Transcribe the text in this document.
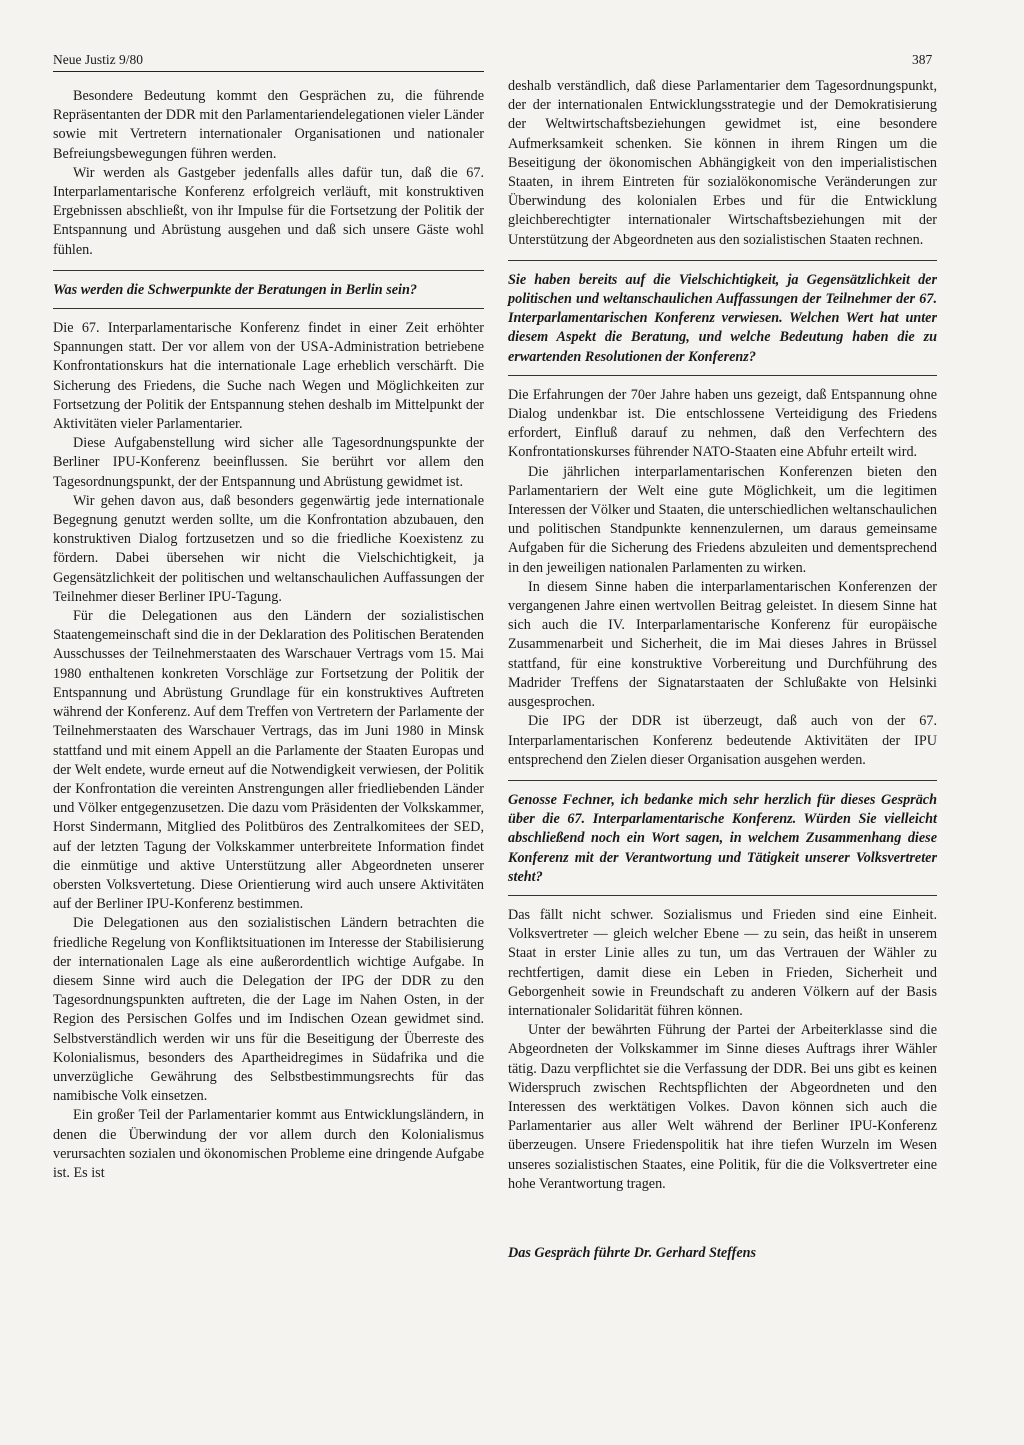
Neue Justiz 9/80	387

Besondere Bedeutung kommt den Gesprächen zu, die führende Repräsentanten der DDR mit den Parlamentariendelegationen vieler Länder sowie mit Vertretern internationaler Organisationen und nationaler Befreiungsbewegungen führen werden.

Wir werden als Gastgeber jedenfalls alles dafür tun, daß die 67. Interparlamentarische Konferenz erfolgreich verläuft, mit konstruktiven Ergebnissen abschließt, von ihr Impulse für die Fortsetzung der Politik der Entspannung und Abrüstung ausgehen und daß sich unsere Gäste wohl fühlen.

Was werden die Schwerpunkte der Beratungen in Berlin sein?

Die 67. Interparlamentarische Konferenz findet in einer Zeit erhöhter Spannungen statt. Der vor allem von der USA-Administration betriebene Konfrontationskurs hat die internationale Lage erheblich verschärft. Die Sicherung des Friedens, die Suche nach Wegen und Möglichkeiten zur Fortsetzung der Politik der Entspannung stehen deshalb im Mittelpunkt der Aktivitäten vieler Parlamentarier.

Diese Aufgabenstellung wird sicher alle Tagesordnungspunkte der Berliner IPU-Konferenz beeinflussen. Sie berührt vor allem den Tagesordnungspunkt, der der Entspannung und Abrüstung gewidmet ist.

Wir gehen davon aus, daß besonders gegenwärtig jede internationale Begegnung genutzt werden sollte, um die Konfrontation abzubauen, den konstruktiven Dialog fortzusetzen und so die friedliche Koexistenz zu fördern. Dabei übersehen wir nicht die Vielschichtigkeit, ja Gegensätzlichkeit der politischen und weltanschaulichen Auffassungen der Teilnehmer dieser Berliner IPU-Tagung.

Für die Delegationen aus den Ländern der sozialistischen Staatengemeinschaft sind die in der Deklaration des Politischen Beratenden Ausschusses der Teilnehmerstaaten des Warschauer Vertrags vom 15. Mai 1980 enthaltenen konkreten Vorschläge zur Fortsetzung der Politik der Entspannung und Abrüstung Grundlage für ein konstruktives Auftreten während der Konferenz. Auf dem Treffen von Vertretern der Parlamente der Teilnehmerstaaten des Warschauer Vertrags, das im Juni 1980 in Minsk stattfand und mit einem Appell an die Parlamente der Staaten Europas und der Welt endete, wurde erneut auf die Notwendigkeit verwiesen, der Politik der Konfrontation die vereinten Anstrengungen aller friedliebenden Länder und Völker entgegenzusetzen. Die dazu vom Präsidenten der Volkskammer, Horst Sindermann, Mitglied des Politbüros des Zentralkomitees der SED, auf der letzten Tagung der Volkskammer unterbreitete Information findet die einmütige und aktive Unterstützung aller Abgeordneten unserer obersten Volksvertetung. Diese Orientierung wird auch unsere Aktivitäten auf der Berliner IPU-Konferenz bestimmen.

Die Delegationen aus den sozialistischen Ländern betrachten die friedliche Regelung von Konfliktsituationen im Interesse der Stabilisierung der internationalen Lage als eine außerordentlich wichtige Aufgabe. In diesem Sinne wird auch die Delegation der IPG der DDR zu den Tagesordnungspunkten auftreten, die der Lage im Nahen Osten, in der Region des Persischen Golfes und im Indischen Ozean gewidmet sind. Selbstverständlich werden wir uns für die Beseitigung der Überreste des Kolonialismus, besonders des Apartheidregimes in Südafrika und die unverzügliche Gewährung des Selbstbestimmungsrechts für das namibische Volk einsetzen.

Ein großer Teil der Parlamentarier kommt aus Entwicklungsländern, in denen die Überwindung der vor allem durch den Kolonialismus verursachten sozialen und ökonomischen Probleme eine dringende Aufgabe ist. Es ist

deshalb verständlich, daß diese Parlamentarier dem Tagesordnungspunkt, der der internationalen Entwicklungsstrategie und der Demokratisierung der Weltwirtschaftsbeziehungen gewidmet ist, eine besondere Aufmerksamkeit schenken. Sie können in ihrem Ringen um die Beseitigung der ökonomischen Abhängigkeit von den imperialistischen Staaten, in ihrem Eintreten für sozialökonomische Veränderungen zur Überwindung des kolonialen Erbes und für die Entwicklung gleichberechtigter internationaler Wirtschaftsbeziehungen mit der Unterstützung der Abgeordneten aus den sozialistischen Staaten rechnen.

Sie haben bereits auf die Vielschichtigkeit, ja Gegensätzlichkeit der politischen und weltanschaulichen Auffassungen der Teilnehmer der 67. Interparlamentarischen Konferenz verwiesen. Welchen Wert hat unter diesem Aspekt die Beratung, und welche Bedeutung haben die zu erwartenden Resolutionen der Konferenz?

Die Erfahrungen der 70er Jahre haben uns gezeigt, daß Entspannung ohne Dialog undenkbar ist. Die entschlossene Verteidigung des Friedens erfordert, Einfluß darauf zu nehmen, daß den Verfechtern des Konfrontationskurses führender NATO-Staaten eine Abfuhr erteilt wird.

Die jährlichen interparlamentarischen Konferenzen bieten den Parlamentariern der Welt eine gute Möglichkeit, um die legitimen Interessen der Völker und Staaten, die unterschiedlichen weltanschaulichen und politischen Standpunkte kennenzulernen, um daraus gemeinsame Aufgaben für die Sicherung des Friedens abzuleiten und dementsprechend in den jeweiligen nationalen Parlamenten zu wirken.

In diesem Sinne haben die interparlamentarischen Konferenzen der vergangenen Jahre einen wertvollen Beitrag geleistet. In diesem Sinne hat sich auch die IV. Interparlamentarische Konferenz für europäische Zusammenarbeit und Sicherheit, die im Mai dieses Jahres in Brüssel stattfand, für eine konstruktive Vorbereitung und Durchführung des Madrider Treffens der Signatarstaaten der Schlußakte von Helsinki ausgesprochen.

Die IPG der DDR ist überzeugt, daß auch von der 67. Interparlamentarischen Konferenz bedeutende Aktivitäten der IPU entsprechend den Zielen dieser Organisation ausgehen werden.

Genosse Fechner, ich bedanke mich sehr herzlich für dieses Gespräch über die 67. Interparlamentarische Konferenz. Würden Sie vielleicht abschließend noch ein Wort sagen, in welchem Zusammenhang diese Konferenz mit der Verantwortung und Tätigkeit unserer Volksvertreter steht?

Das fällt nicht schwer. Sozialismus und Frieden sind eine Einheit. Volksvertreter — gleich welcher Ebene — zu sein, das heißt in unserem Staat in erster Linie alles zu tun, um das Vertrauen der Wähler zu rechtfertigen, damit diese ein Leben in Frieden, Sicherheit und Geborgenheit sowie in Freundschaft zu anderen Völkern auf der Basis internationaler Solidarität führen können.

Unter der bewährten Führung der Partei der Arbeiterklasse sind die Abgeordneten der Volkskammer im Sinne dieses Auftrags ihrer Wähler tätig. Dazu verpflichtet sie die Verfassung der DDR. Bei uns gibt es keinen Widerspruch zwischen Rechtspflichten der Abgeordneten und den Interessen des werktätigen Volkes. Davon können sich auch die Parlamentarier aus aller Welt während der Berliner IPU-Konferenz überzeugen. Unsere Friedenspolitik hat ihre tiefen Wurzeln im Wesen unseres sozialistischen Staates, eine Politik, für die die Volksvertreter eine hohe Verantwortung tragen.

Das Gespräch führte Dr. Gerhard Steffens
